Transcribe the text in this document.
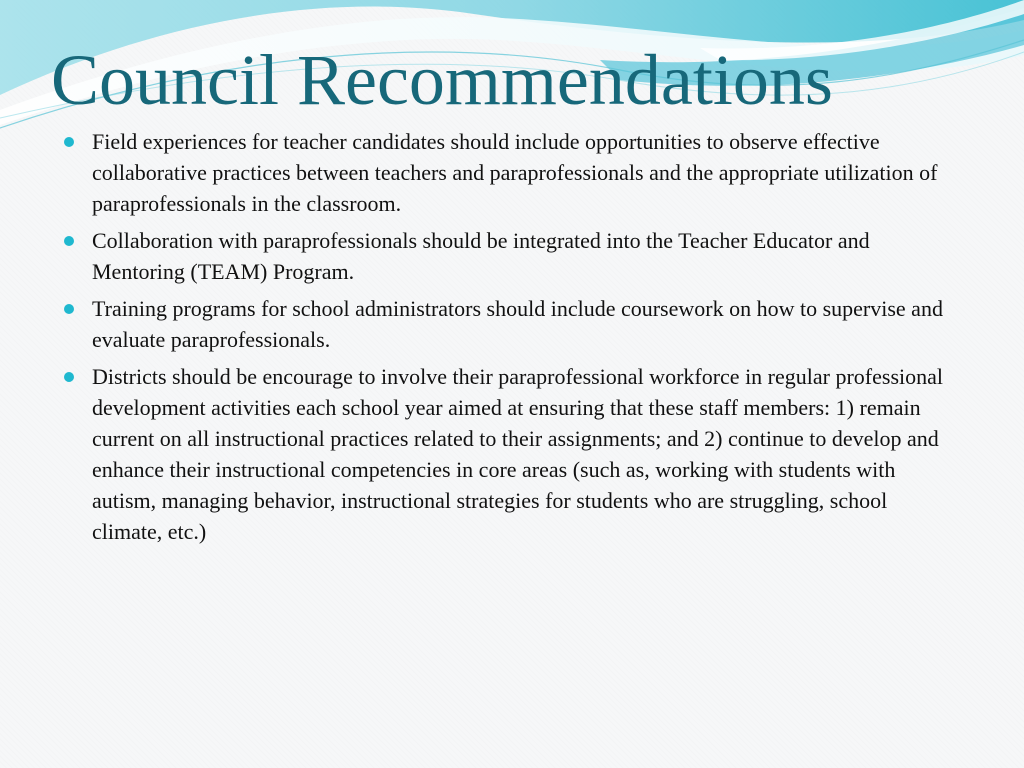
Council Recommendations
Field experiences for teacher candidates should include opportunities to observe effective collaborative practices between teachers and paraprofessionals and the appropriate utilization of paraprofessionals in the classroom.
Collaboration with paraprofessionals should be integrated into the Teacher Educator and Mentoring (TEAM) Program.
Training programs for school administrators should include coursework on how to supervise and evaluate paraprofessionals.
Districts should be encourage to involve their paraprofessional workforce in regular professional development activities each school year aimed at ensuring that these staff members: 1) remain current on all instructional practices related to their assignments; and 2) continue to develop and enhance their instructional competencies in core areas (such as, working with students with autism, managing behavior, instructional strategies for students who are struggling, school climate, etc.)
